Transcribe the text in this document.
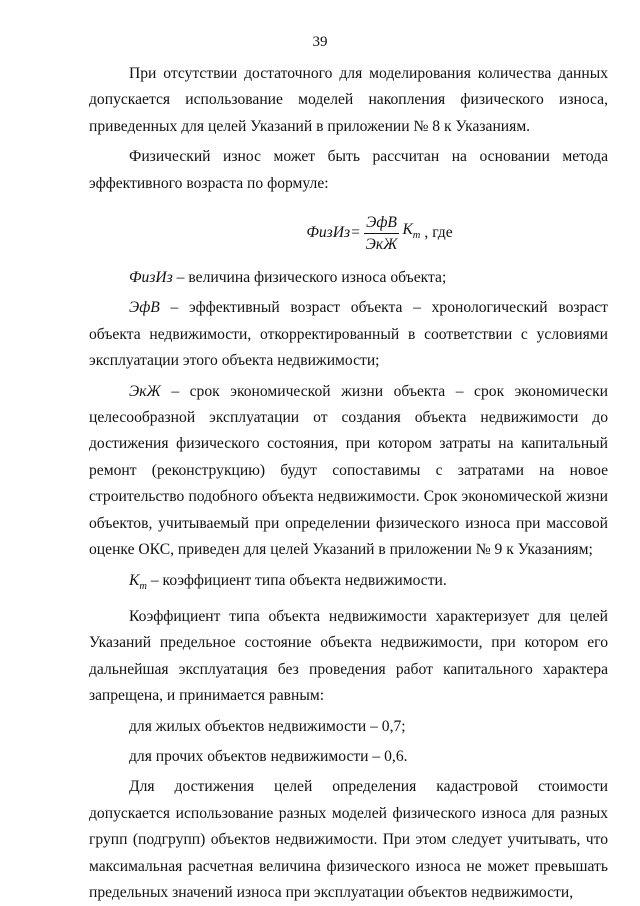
39

При отсутствии достаточного для моделирования количества данных допускается использование моделей накопления физического износа, приведенных для целей Указаний в приложении № 8 к Указаниям.

Физический износ может быть рассчитан на основании метода эффективного возраста по формуле:

ФизИз = $\frac{\text{ЭфВ}}{\text{ЭкЖ}} К_т$ , где

ФизИз – величина физического износа объекта;

ЭфВ – эффективный возраст объекта – хронологический возраст объекта недвижимости, откорректированный в соответствии с условиями эксплуатации этого объекта недвижимости;

ЭкЖ – срок экономической жизни объекта – срок экономически целесообразной эксплуатации от создания объекта недвижимости до достижения физического состояния, при котором затраты на капитальный ремонт (реконструкцию) будут сопоставимы с затратами на новое строительство подобного объекта недвижимости. Срок экономической жизни объектов, учитываемый при определении физического износа при массовой оценке ОКС, приведен для целей Указаний в приложении № 9 к Указаниям;

$К_т$ – коэффициент типа объекта недвижимости.

Коэффициент типа объекта недвижимости характеризует для целей Указаний предельное состояние объекта недвижимости, при котором его дальнейшая эксплуатация без проведения работ капитального характера запрещена, и принимается равным:

для жилых объектов недвижимости – 0,7;

для прочих объектов недвижимости – 0,6.

Для достижения целей определения кадастровой стоимости допускается использование разных моделей физического износа для разных групп (подгрупп) объектов недвижимости. При этом следует учитывать, что максимальная расчетная величина физического износа не может превышать предельных значений износа при эксплуатации объектов недвижимости,
